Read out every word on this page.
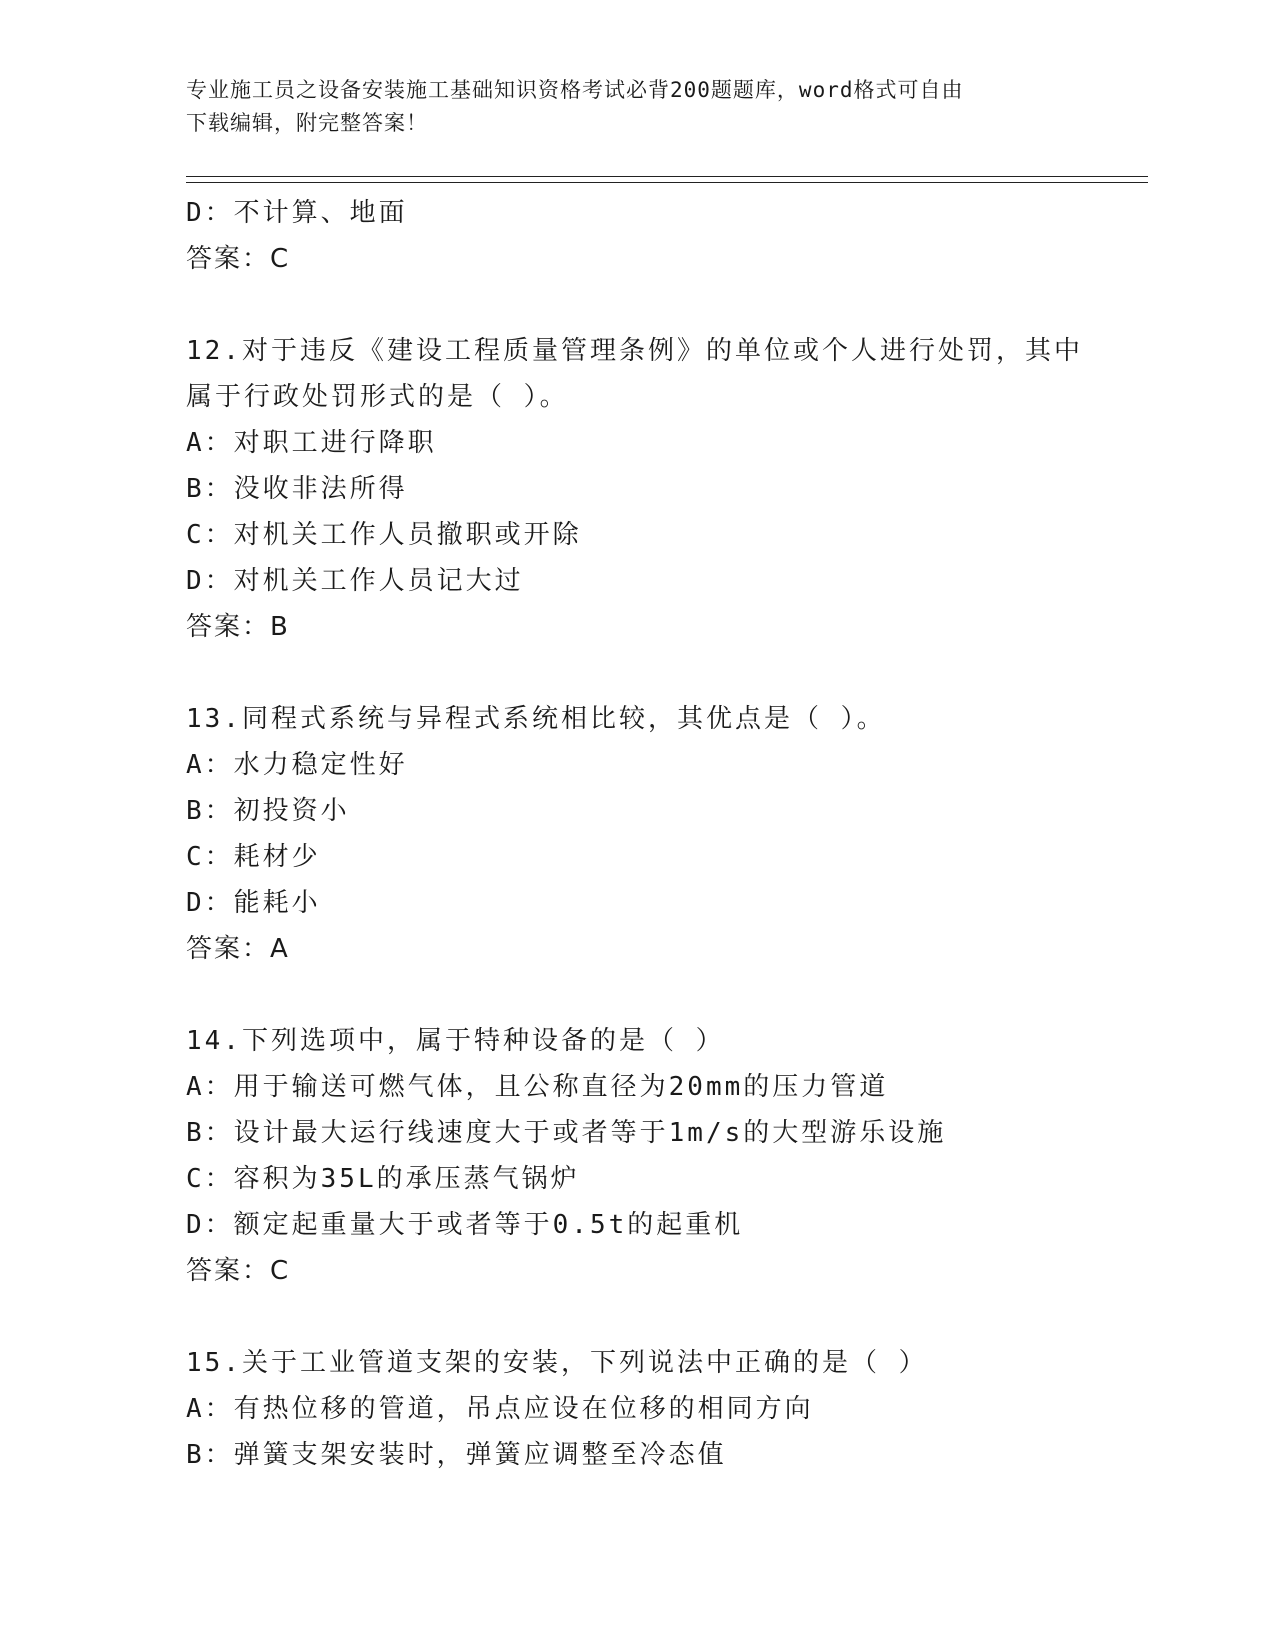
专业施工员之设备安装施工基础知识资格考试必背200题题库，word格式可自由
下载编辑，附完整答案！
D：不计算、地面
答案：C
12.对于违反《建设工程质量管理条例》的单位或个人进行处罚，其中
属于行政处罚形式的是（ ）。
A：对职工进行降职
B：没收非法所得
C：对机关工作人员撤职或开除
D：对机关工作人员记大过
答案：B
13.同程式系统与异程式系统相比较，其优点是（ ）。
A：水力稳定性好
B：初投资小
C：耗材少
D：能耗小
答案：A
14.下列选项中，属于特种设备的是（ ）
A：用于输送可燃气体，且公称直径为20mm的压力管道
B：设计最大运行线速度大于或者等于1m/s的大型游乐设施
C：容积为35L的承压蒸气锅炉
D：额定起重量大于或者等于0.5t的起重机
答案：C
15.关于工业管道支架的安装，下列说法中正确的是（ ）
A：有热位移的管道，吊点应设在位移的相同方向
B：弹簧支架安装时，弹簧应调整至冷态值
